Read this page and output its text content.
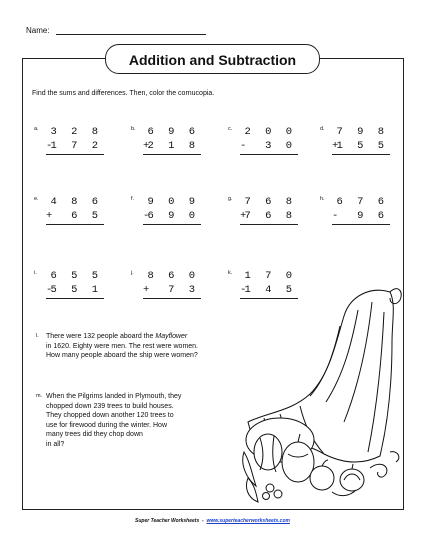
Name:
Addition and Subtraction
Find the sums and differences. Then, color the cornucopia.
a. 3 2 8
-
1 7 2
b. 6 9 6
+
2 1 8
c. 2 0 0
- 3 0
d. 7 9 8
+
1 5 5
e. 4 8 6
+ 6 5
f. 9 0 9
-
6 9 0
g. 7 6 8
+
7 6 8
h. 6 7 6
- 9 6
i. 6 5 5
-
5 5 1
j. 8 6 0
+ 7 3
k. 1 7 0
-
1 4 5
l. There were 132 people aboard the Mayflower
in 1620. Eighty were men. The rest were women.
How many people aboard the ship were women?
m. When the Pilgrims landed in Plymouth, they
chopped down 239 trees to build houses.
They chopped down another 120 trees to
use for firewood during the winter. How
many trees did they chop down
in all?
Super Teacher Worksheets - www.superteacherworksheets.com
